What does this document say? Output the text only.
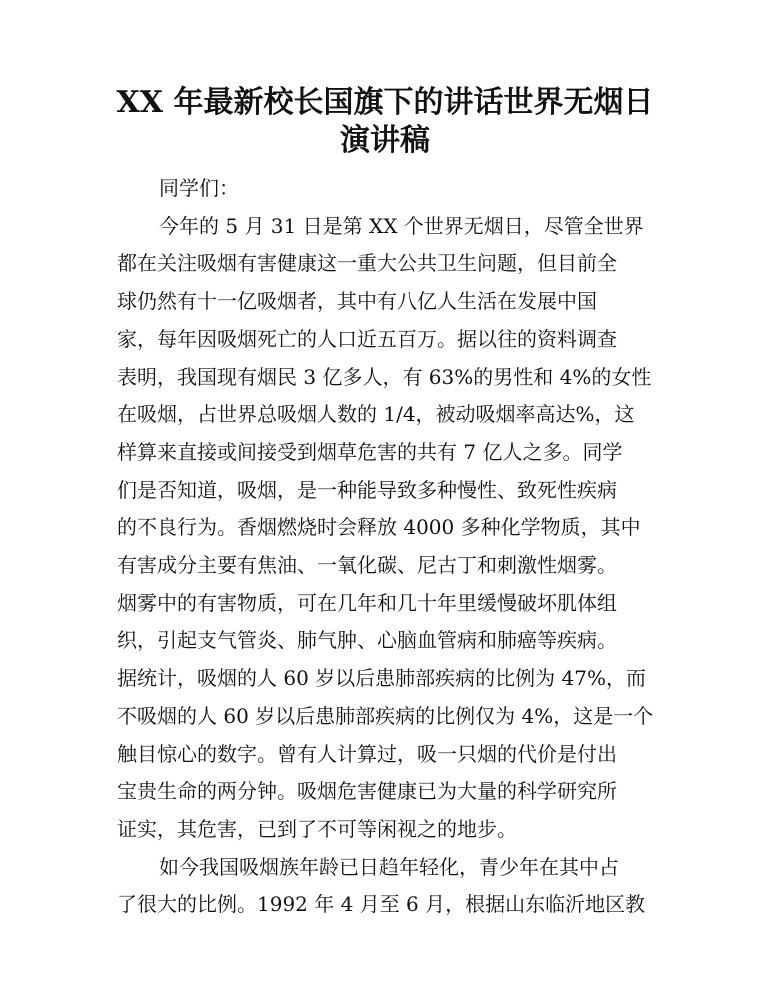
XX 年最新校长国旗下的讲话世界无烟日
演讲稿

同学们：

今年的 5 月 31 日是第 XX 个世界无烟日，尽管全世界
都在关注吸烟有害健康这一重大公共卫生问题，但目前全
球仍然有十一亿吸烟者，其中有八亿人生活在发展中国
家，每年因吸烟死亡的人口近五百万。据以往的资料调查
表明，我国现有烟民 3 亿多人，有 63%的男性和 4%的女性
在吸烟，占世界总吸烟人数的 1/4，被动吸烟率高达%，这
样算来直接或间接受到烟草危害的共有 7 亿人之多。同学
们是否知道，吸烟，是一种能导致多种慢性、致死性疾病
的不良行为。香烟燃烧时会释放 4000 多种化学物质，其中
有害成分主要有焦油、一氧化碳、尼古丁和刺激性烟雾。
烟雾中的有害物质，可在几年和几十年里缓慢破坏肌体组
织，引起支气管炎、肺气肿、心脑血管病和肺癌等疾病。
据统计，吸烟的人 60 岁以后患肺部疾病的比例为 47%，而
不吸烟的人 60 岁以后患肺部疾病的比例仅为 4%，这是一个
触目惊心的数字。曾有人计算过，吸一只烟的代价是付出
宝贵生命的两分钟。吸烟危害健康已为大量的科学研究所
证实，其危害，已到了不可等闲视之的地步。

如今我国吸烟族年龄已日趋年轻化，青少年在其中占
了很大的比例。1992 年 4 月至 6 月，根据山东临沂地区教
